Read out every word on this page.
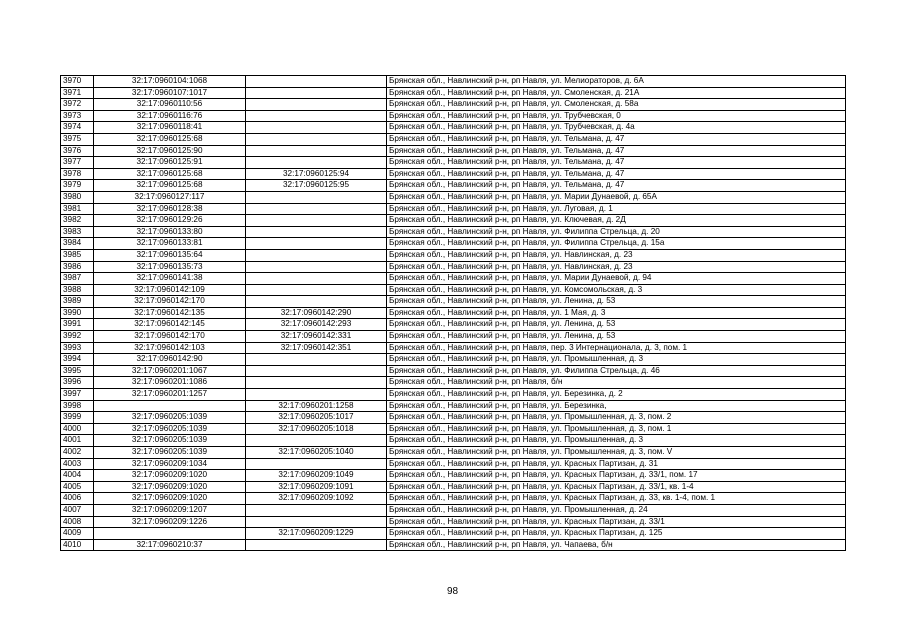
3970	32:17:0960104:1068		Брянская обл., Навлинский р-н, рп Навля, ул. Мелиораторов, д. 6А
3971	32:17:0960107:1017		Брянская обл., Навлинский р-н, рп Навля, ул. Смоленская, д. 21А
3972	32:17:0960110:56		Брянская обл., Навлинский р-н, рп Навля, ул. Смоленская, д. 58а
3973	32:17:0960116:76		Брянская обл., Навлинский р-н, рп Навля, ул. Трубчевская, 0
3974	32:17:0960118:41		Брянская обл., Навлинский р-н, рп Навля, ул. Трубчевская, д. 4а
3975	32:17:0960125:68		Брянская обл., Навлинский р-н, рп Навля, ул. Тельмана, д. 47
3976	32:17:0960125:90		Брянская обл., Навлинский р-н, рп Навля, ул. Тельмана, д. 47
3977	32:17:0960125:91		Брянская обл., Навлинский р-н, рп Навля, ул. Тельмана, д. 47
3978	32:17:0960125:68	32:17:0960125:94	Брянская обл., Навлинский р-н, рп Навля, ул. Тельмана, д. 47
3979	32:17:0960125:68	32:17:0960125:95	Брянская обл., Навлинский р-н, рп Навля, ул. Тельмана, д. 47
3980	32:17:0960127:117		Брянская обл., Навлинский р-н, рп Навля, ул. Марии Дунаевой, д. 65А
3981	32:17:0960128:38		Брянская обл., Навлинский р-н, рп Навля, ул. Луговая, д. 1
3982	32:17:0960129:26		Брянская обл., Навлинский р-н, рп Навля, ул. Ключевая, д. 2Д
3983	32:17:0960133:80		Брянская обл., Навлинский р-н, рп Навля, ул. Филиппа Стрельца, д. 20
3984	32:17:0960133:81		Брянская обл., Навлинский р-н, рп Навля, ул. Филиппа Стрельца, д. 15а
3985	32:17:0960135:64		Брянская обл., Навлинский р-н, рп Навля, ул. Навлинская, д. 23
3986	32:17:0960135:73		Брянская обл., Навлинский р-н, рп Навля, ул. Навлинская, д. 23
3987	32:17:0960141:38		Брянская обл., Навлинский р-н, рп Навля, ул. Марии Дунаевой, д. 94
3988	32:17:0960142:109		Брянская обл., Навлинский р-н, рп Навля, ул. Комсомольская, д. 3
3989	32:17:0960142:170		Брянская обл., Навлинский р-н, рп Навля, ул. Ленина, д. 53
3990	32:17:0960142:135	32:17:0960142:290	Брянская обл., Навлинский р-н, рп Навля, ул. 1 Мая, д. 3
3991	32:17:0960142:145	32:17:0960142:293	Брянская обл., Навлинский р-н, рп Навля, ул. Ленина, д. 53
3992	32:17:0960142:170	32:17:0960142:331	Брянская обл., Навлинский р-н, рп Навля, ул. Ленина, д. 53
3993	32:17:0960142:103	32:17:0960142:351	Брянская обл., Навлинский р-н, рп Навля, пер. 3 Интернационала, д. 3, пом. 1
3994	32:17:0960142:90		Брянская обл., Навлинский р-н, рп Навля, ул. Промышленная, д. 3
3995	32:17:0960201:1067		Брянская обл., Навлинский р-н, рп Навля, ул. Филиппа Стрельца, д. 46
3996	32:17:0960201:1086		Брянская обл., Навлинский р-н, рп Навля, б/н
3997	32:17:0960201:1257		Брянская обл., Навлинский р-н, рп Навля, ул. Березинка, д. 2
3998		32:17:0960201:1258	Брянская обл., Навлинский р-н, рп Навля, ул. Березинка,
3999	32:17:0960205:1039	32:17:0960205:1017	Брянская обл., Навлинский р-н, рп Навля, ул. Промышленная, д. 3, пом. 2
4000	32:17:0960205:1039	32:17:0960205:1018	Брянская обл., Навлинский р-н, рп Навля, ул. Промышленная, д. 3, пом. 1
4001	32:17:0960205:1039		Брянская обл., Навлинский р-н, рп Навля, ул. Промышленная, д. 3
4002	32:17:0960205:1039	32:17:0960205:1040	Брянская обл., Навлинский р-н, рп Навля, ул. Промышленная, д. 3, пом. V
4003	32:17:0960209:1034		Брянская обл., Навлинский р-н, рп Навля, ул. Красных Партизан, д. 31
4004	32:17:0960209:1020	32:17:0960209:1049	Брянская обл., Навлинский р-н, рп Навля, ул. Красных Партизан, д. 33/1, пом. 17
4005	32:17:0960209:1020	32:17:0960209:1091	Брянская обл., Навлинский р-н, рп Навля, ул. Красных Партизан, д. 33/1, кв. 1-4
4006	32:17:0960209:1020	32:17:0960209:1092	Брянская обл., Навлинский р-н, рп Навля, ул. Красных Партизан, д. 33, кв. 1-4, пом. 1
4007	32:17:0960209:1207		Брянская обл., Навлинский р-н, рп Навля, ул. Промышленная, д. 24
4008	32:17:0960209:1226		Брянская обл., Навлинский р-н, рп Навля, ул. Красных Партизан, д. 33/1
4009		32:17:0960209:1229	Брянская обл., Навлинский р-н, рп Навля, ул. Красных Партизан, д. 125
4010	32:17:0960210:37		Брянская обл., Навлинский р-н, рп Навля, ул. Чапаева, б/н
98
